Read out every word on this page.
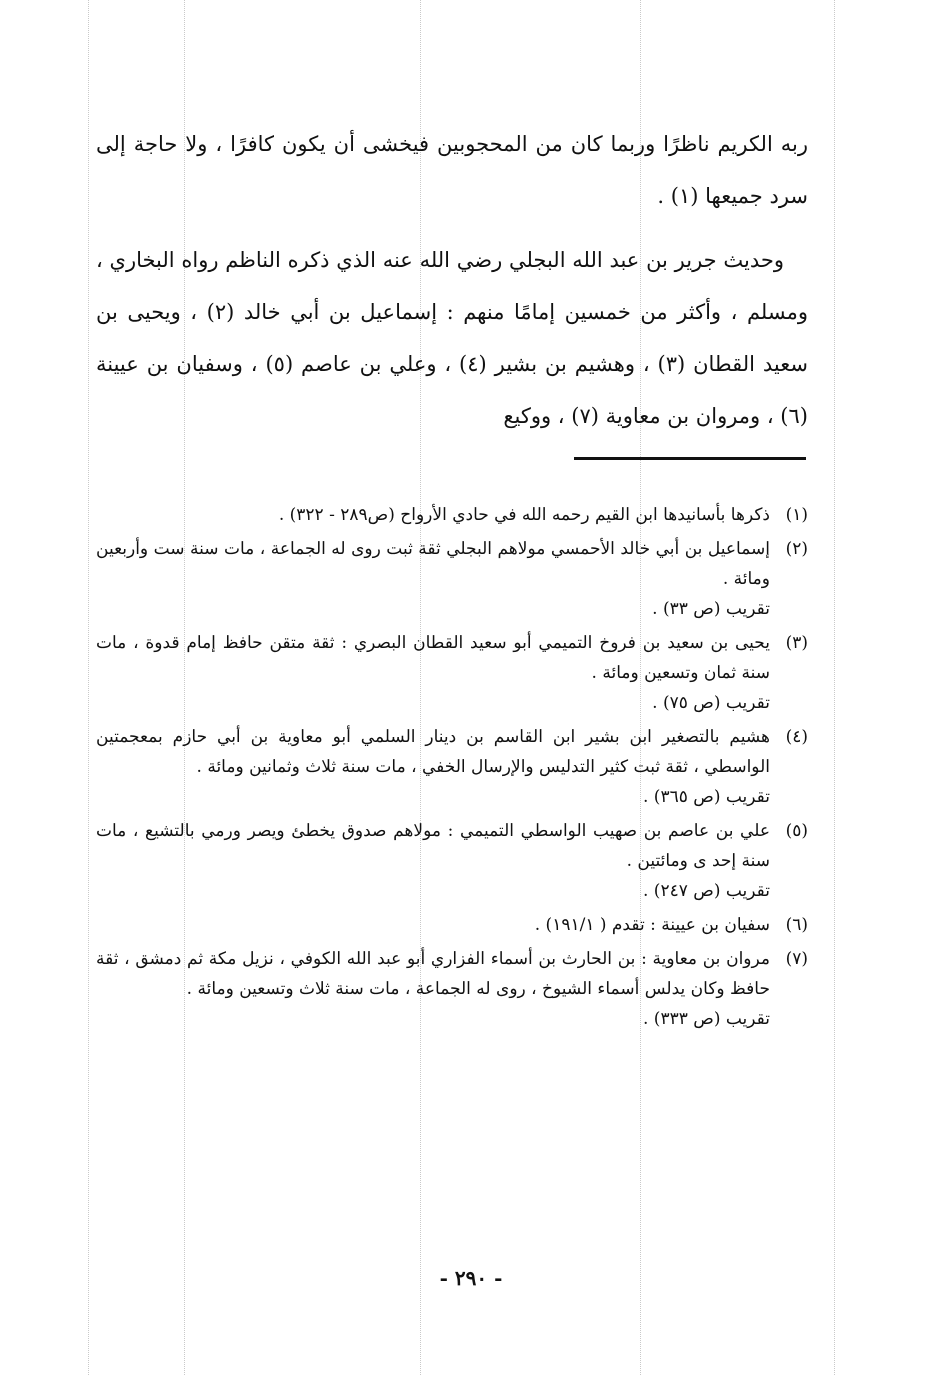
ربه الكريم ناظرًا وربما كان من المحجوبين فيخشى أن يكون كافرًا ، ولا حاجة إلى سرد جميعها (١) .

وحديث جرير بن عبد الله البجلي رضي الله عنه الذي ذكره الناظم رواه البخاري ، ومسلم ، وأكثر من خمسين إمامًا منهم : إسماعيل بن أبي خالد (٢) ، ويحيى بن سعيد القطان (٣) ، وهشيم بن بشير (٤) ، وعلي بن عاصم (٥) ، وسفيان بن عيينة (٦) ، ومروان بن معاوية (٧) ، ووكيع

(١)
ذكرها بأسانيدها ابن القيم رحمه الله في حادي الأرواح (ص٢٨٩ - ٣٢٢) .
(٢)
إسماعيل بن أبي خالد الأحمسي مولاهم البجلي ثقة ثبت روى له الجماعة ، مات سنة ست وأربعين ومائة .
تقريب (ص ٣٣) .
(٣)
يحيى بن سعيد بن فروخ التميمي أبو سعيد القطان البصري : ثقة متقن حافظ إمام قدوة ، مات سنة ثمان وتسعين ومائة .
تقريب (ص ٧٥) .
(٤)
هشيم بالتصغير ابن بشير ابن القاسم بن دينار السلمي أبو معاوية بن أبي حازم بمعجمتين الواسطي ، ثقة ثبت كثير التدليس والإرسال الخفي ، مات سنة ثلاث وثمانين ومائة .
تقريب (ص ٣٦٥) .
(٥)
علي بن عاصم بن صهيب الواسطي التميمي : مولاهم صدوق يخطئ ويصر ورمي بالتشيع ، مات سنة إحد ى ومائتين .
تقريب (ص ٢٤٧) .
(٦)
سفيان بن عيينة : تقدم ( ١٩١/١) .
(٧)
مروان بن معاوية : بن الحارث بن أسماء الفزاري أبو عبد الله الكوفي ، نزيل مكة ثم دمشق ، ثقة حافظ وكان يدلس أسماء الشيوخ ، روى له الجماعة ، مات سنة ثلاث وتسعين ومائة .
تقريب (ص ٣٣٣) .
- ٢٩٠ -
